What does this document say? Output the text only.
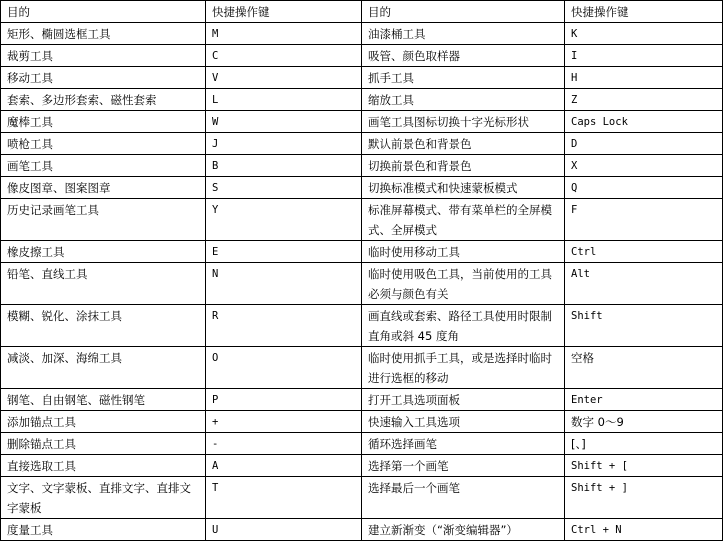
目的	快捷操作键	目的	快捷操作键
矩形、椭圆选框工具	M	油漆桶工具	K
裁剪工具	C	吸管、颜色取样器	I
移动工具	V	抓手工具	H
套索、多边形套索、磁性套索	L	缩放工具	Z
魔棒工具	W	画笔工具图标切换十字光标形状	Caps Lock
喷枪工具	J	默认前景色和背景色	D
画笔工具	B	切换前景色和背景色	X
像皮图章、图案图章	S	切换标准模式和快速蒙板模式	Q
历史记录画笔工具	Y	标准屏幕模式、带有菜单栏的全屏模式、全屏模式	F
橡皮擦工具	E	临时使用移动工具	Ctrl
铅笔、直线工具	N	临时使用吸色工具，当前使用的工具必须与颜色有关	Alt
模糊、锐化、涂抹工具	R	画直线或套索、路径工具使用时限制直角或斜 45 度角	Shift
减淡、加深、海绵工具	O	临时使用抓手工具，或是选择时临时进行选框的移动	空格
钢笔、自由钢笔、磁性钢笔	P	打开工具选项面板	Enter
添加锚点工具	+	快速输入工具选项	数字 0～9
删除锚点工具	-	循环选择画笔	[、]
直接选取工具	A	选择第一个画笔	Shift + [
文字、文字蒙板、直排文字、直排文字蒙板	T	选择最后一个画笔	Shift + ]
度量工具	U	建立新渐变（“渐变编辑器”）	Ctrl + N
